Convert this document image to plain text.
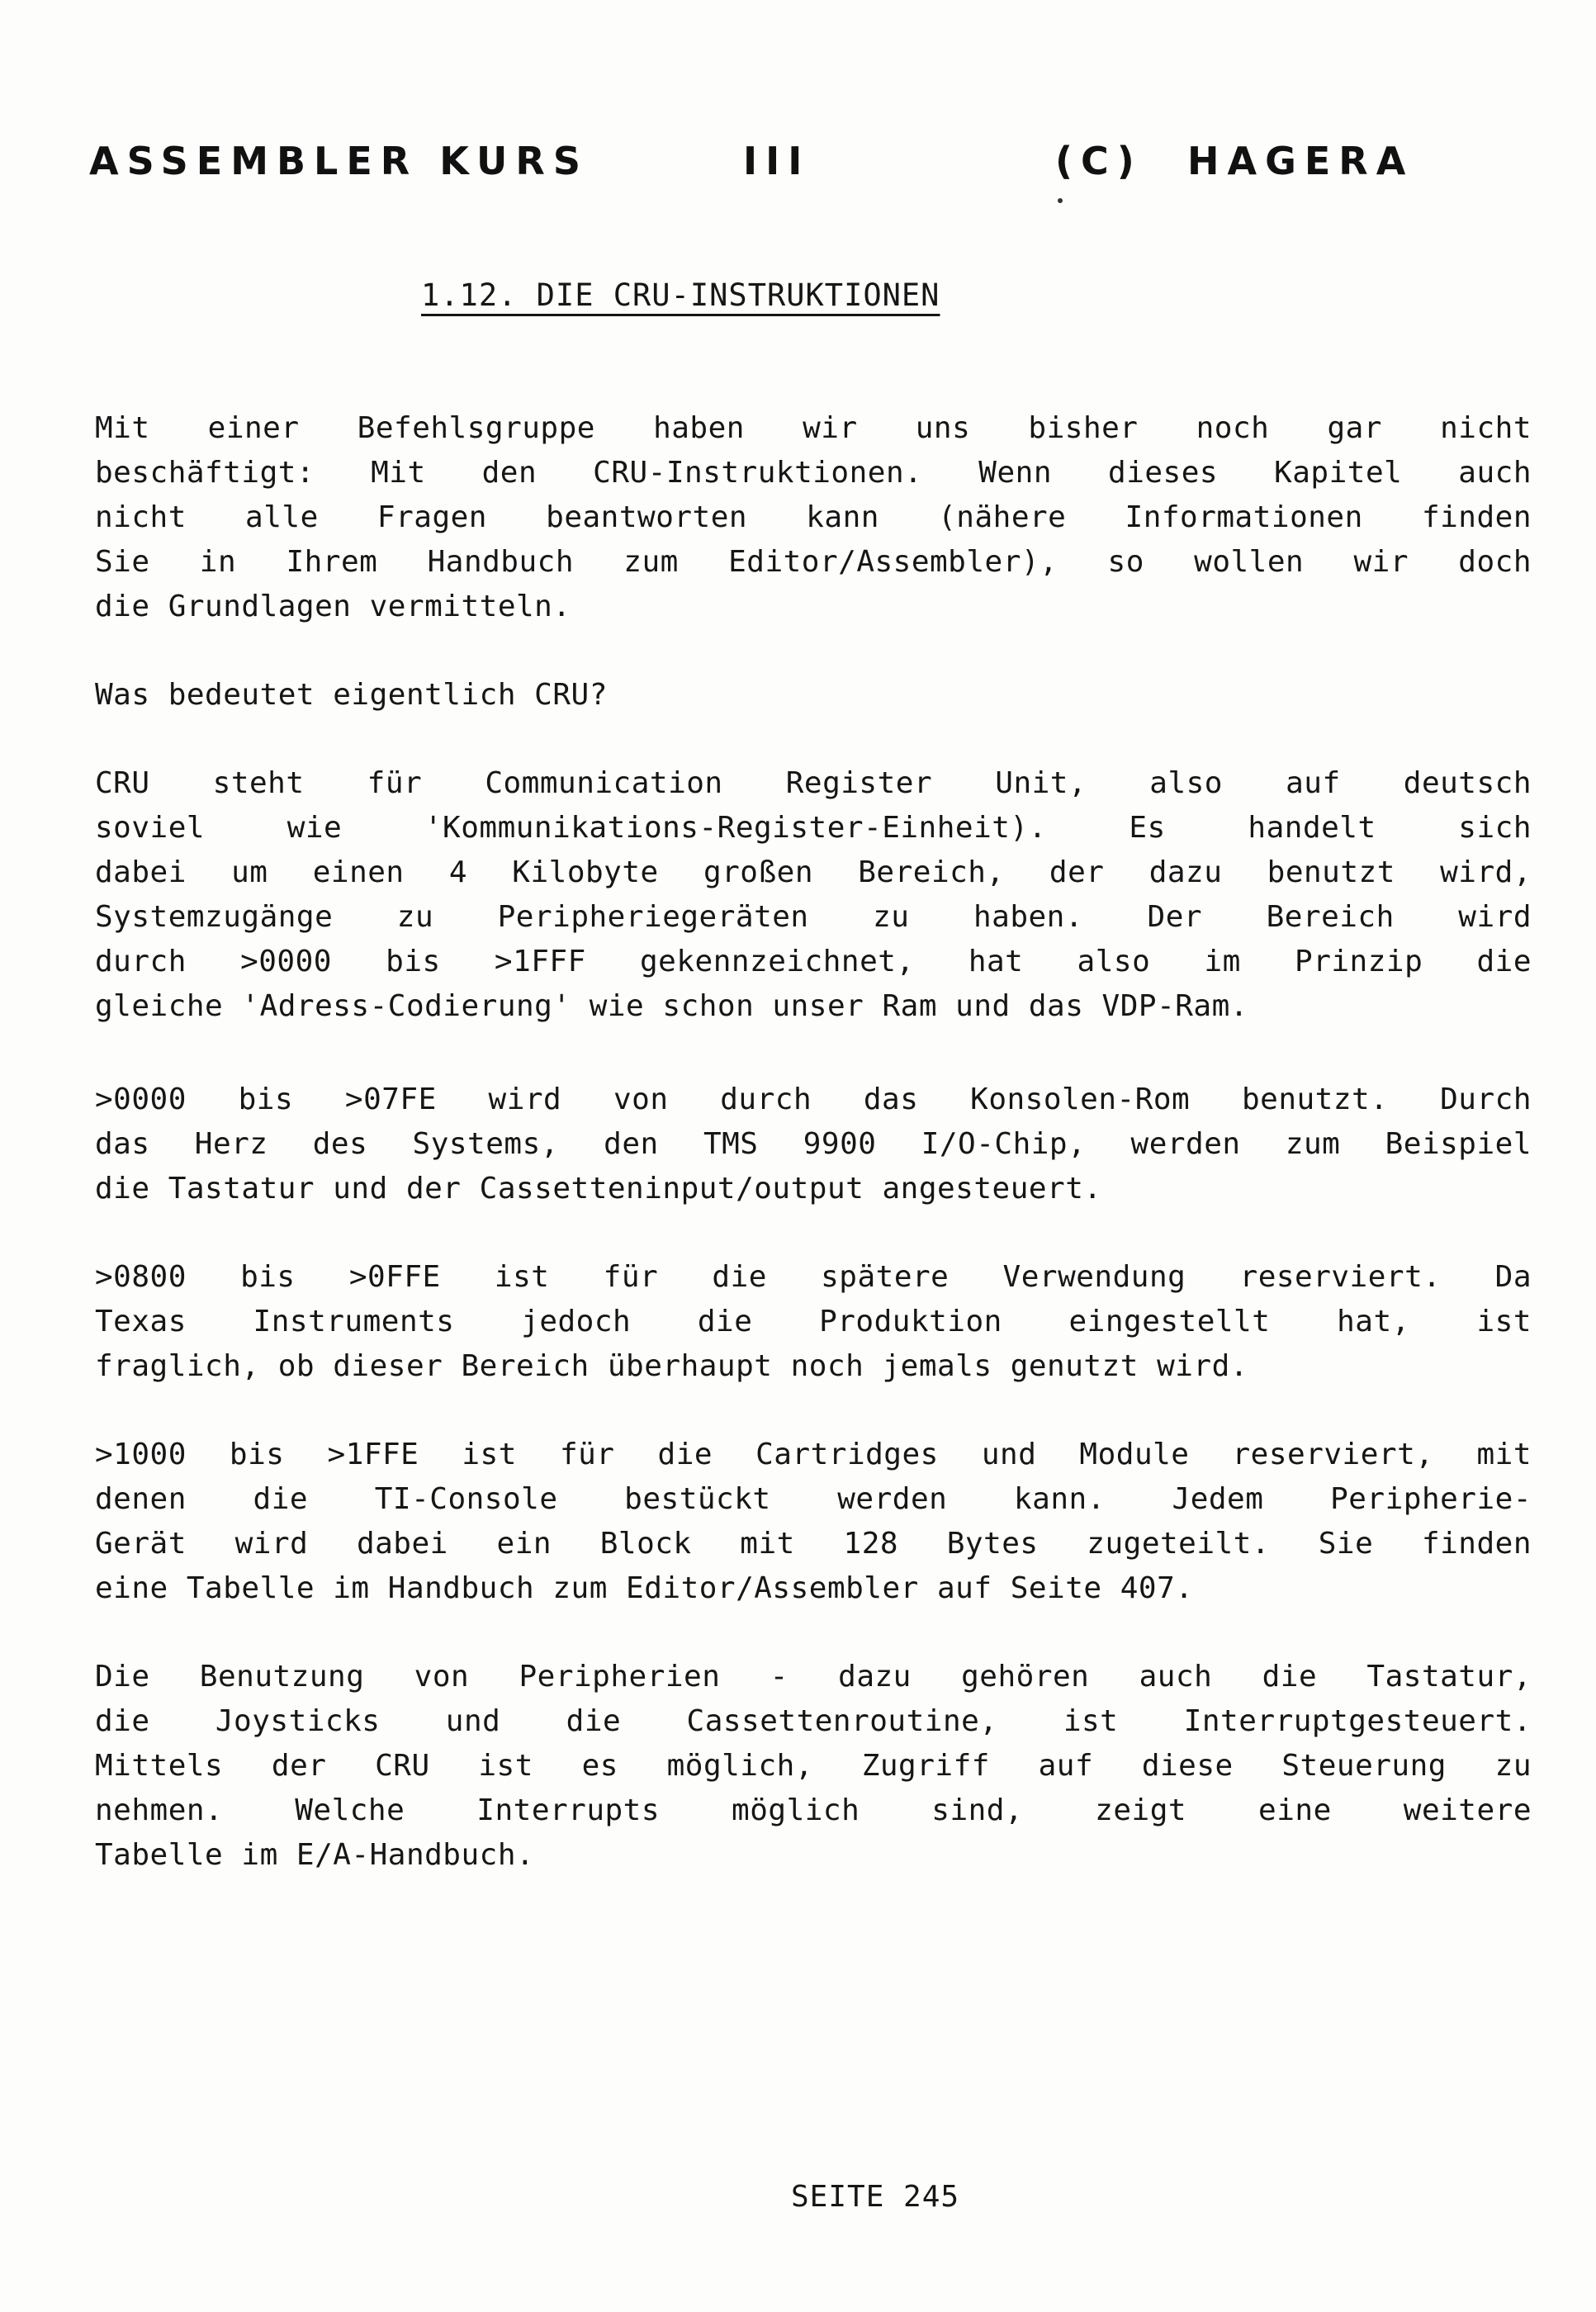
ASSEMBLER KURS	III	(C) HAGERA
1.12. DIE CRU-INSTRUKTIONEN
Mit einer Befehlsgruppe haben wir uns bisher noch gar nicht
beschäftigt: Mit den CRU-Instruktionen. Wenn dieses Kapitel auch
nicht alle Fragen beantworten kann (nähere Informationen finden
Sie in Ihrem Handbuch zum Editor/Assembler), so wollen wir doch
die Grundlagen vermitteln.
Was bedeutet eigentlich CRU?
CRU steht für Communication Register Unit, also auf deutsch
soviel wie 'Kommunikations-Register-Einheit). Es handelt sich
dabei um einen 4 Kilobyte großen Bereich, der dazu benutzt wird,
Systemzugänge zu Peripheriegeräten zu haben. Der Bereich wird
durch >0000 bis >1FFF gekennzeichnet, hat also im Prinzip die
gleiche 'Adress-Codierung' wie schon unser Ram und das VDP-Ram.
>0000 bis >07FE wird von durch das Konsolen-Rom benutzt. Durch
das Herz des Systems, den TMS 9900 I/O-Chip, werden zum Beispiel
die Tastatur und der Cassetteninput/output angesteuert.
>0800 bis >0FFE ist für die spätere Verwendung reserviert. Da
Texas Instruments jedoch die Produktion eingestellt hat, ist
fraglich, ob dieser Bereich überhaupt noch jemals genutzt wird.
>1000 bis >1FFE ist für die Cartridges und Module reserviert, mit
denen die TI-Console bestückt werden kann. Jedem Peripherie-
Gerät wird dabei ein Block mit 128 Bytes zugeteilt. Sie finden
eine Tabelle im Handbuch zum Editor/Assembler auf Seite 407.
Die Benutzung von Peripherien - dazu gehören auch die Tastatur,
die Joysticks und die Cassettenroutine, ist Interruptgesteuert.
Mittels der CRU ist es möglich, Zugriff auf diese Steuerung zu
nehmen. Welche Interrupts möglich sind, zeigt eine weitere
Tabelle im E/A-Handbuch.
SEITE 245
